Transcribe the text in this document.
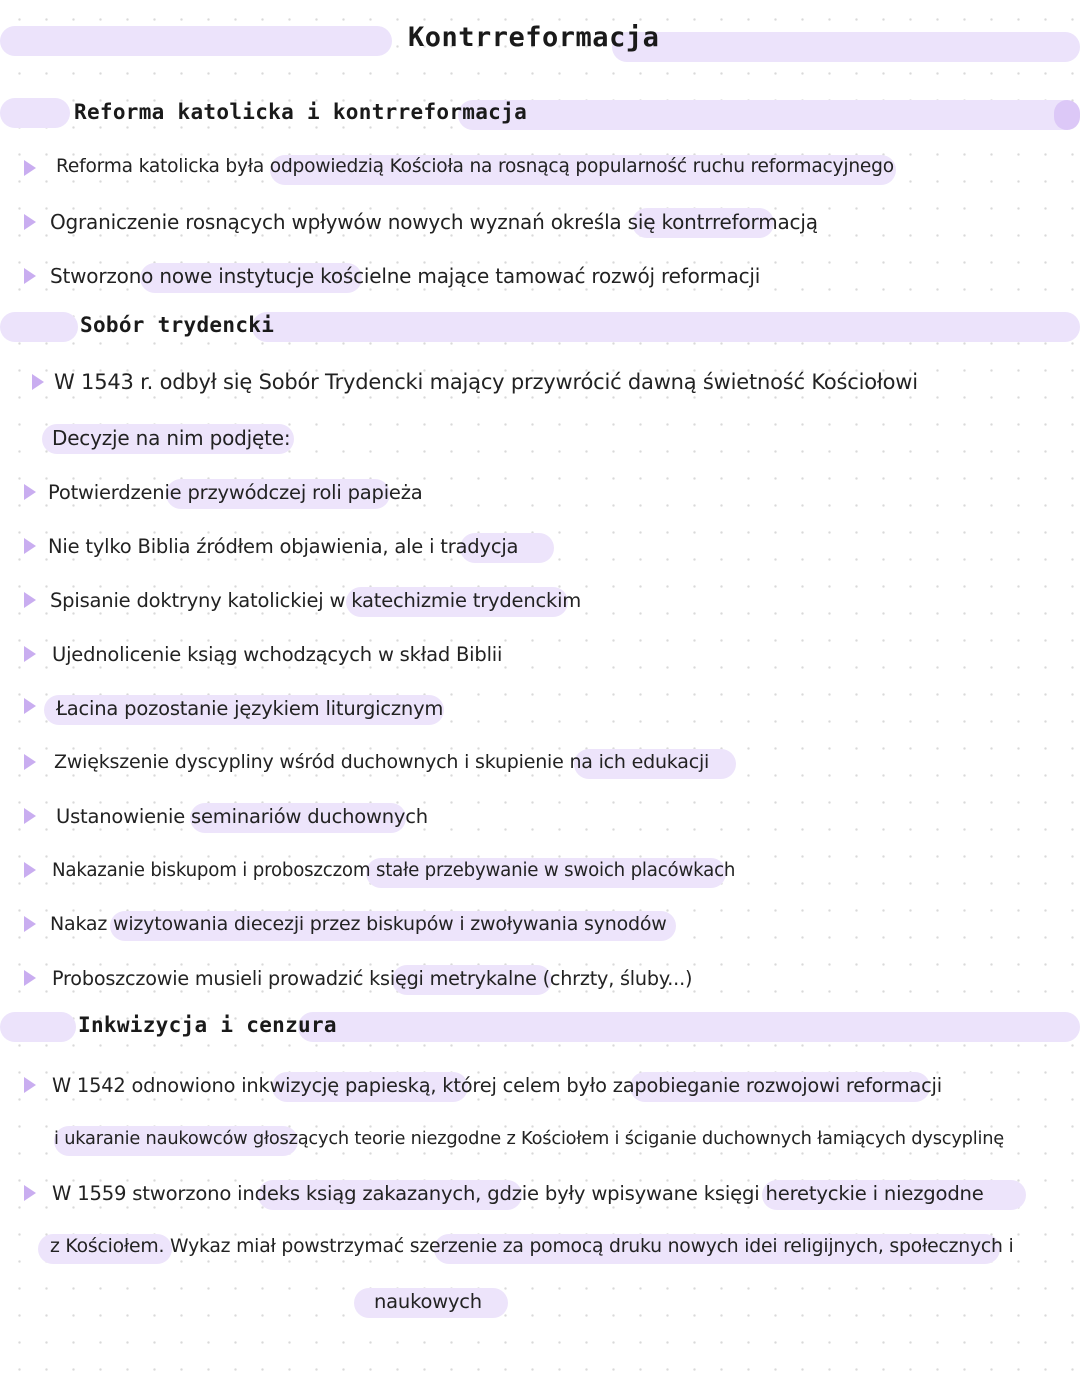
Kontrreformacja
Reforma katolicka i kontrreformacja
Reforma katolicka była odpowiedzią Kościoła na rosnącą popularność ruchu reformacyjnego
Ograniczenie rosnących wpływów nowych wyznań określa się kontrreformacją
Stworzono nowe instytucje kościelne mające tamować rozwój reformacji
Sobór trydencki
W 1543 r. odbył się Sobór Trydencki mający przywrócić dawną świetność Kościołowi
Decyzje na nim podjęte:
Potwierdzenie przywódczej roli papieża
Nie tylko Biblia źródłem objawienia, ale i tradycja
Spisanie doktryny katolickiej w katechizmie trydenckim
Ujednolicenie ksiąg wchodzących w skład Biblii
Łacina pozostanie językiem liturgicznym
Zwiększenie dyscypliny wśród duchownych i skupienie na ich edukacji
Ustanowienie seminariów duchownych
Nakazanie biskupom i proboszczom stałe przebywanie w swoich placówkach
Nakaz wizytowania diecezji przez biskupów i zwoływania synodów
Proboszczowie musieli prowadzić księgi metrykalne (chrzty, śluby...)
Inkwizycja i cenzura
W 1542 odnowiono inkwizycję papieską, której celem było zapobieganie rozwojowi reformacji
i ukaranie naukowców głoszących teorie niezgodne z Kościołem i ściganie duchownych łamiących dyscyplinę
W 1559 stworzono indeks ksiąg zakazanych, gdzie były wpisywane księgi heretyckie i niezgodne
z Kościołem. Wykaz miał powstrzymać szerzenie za pomocą druku nowych idei religijnych, społecznych i
naukowych
